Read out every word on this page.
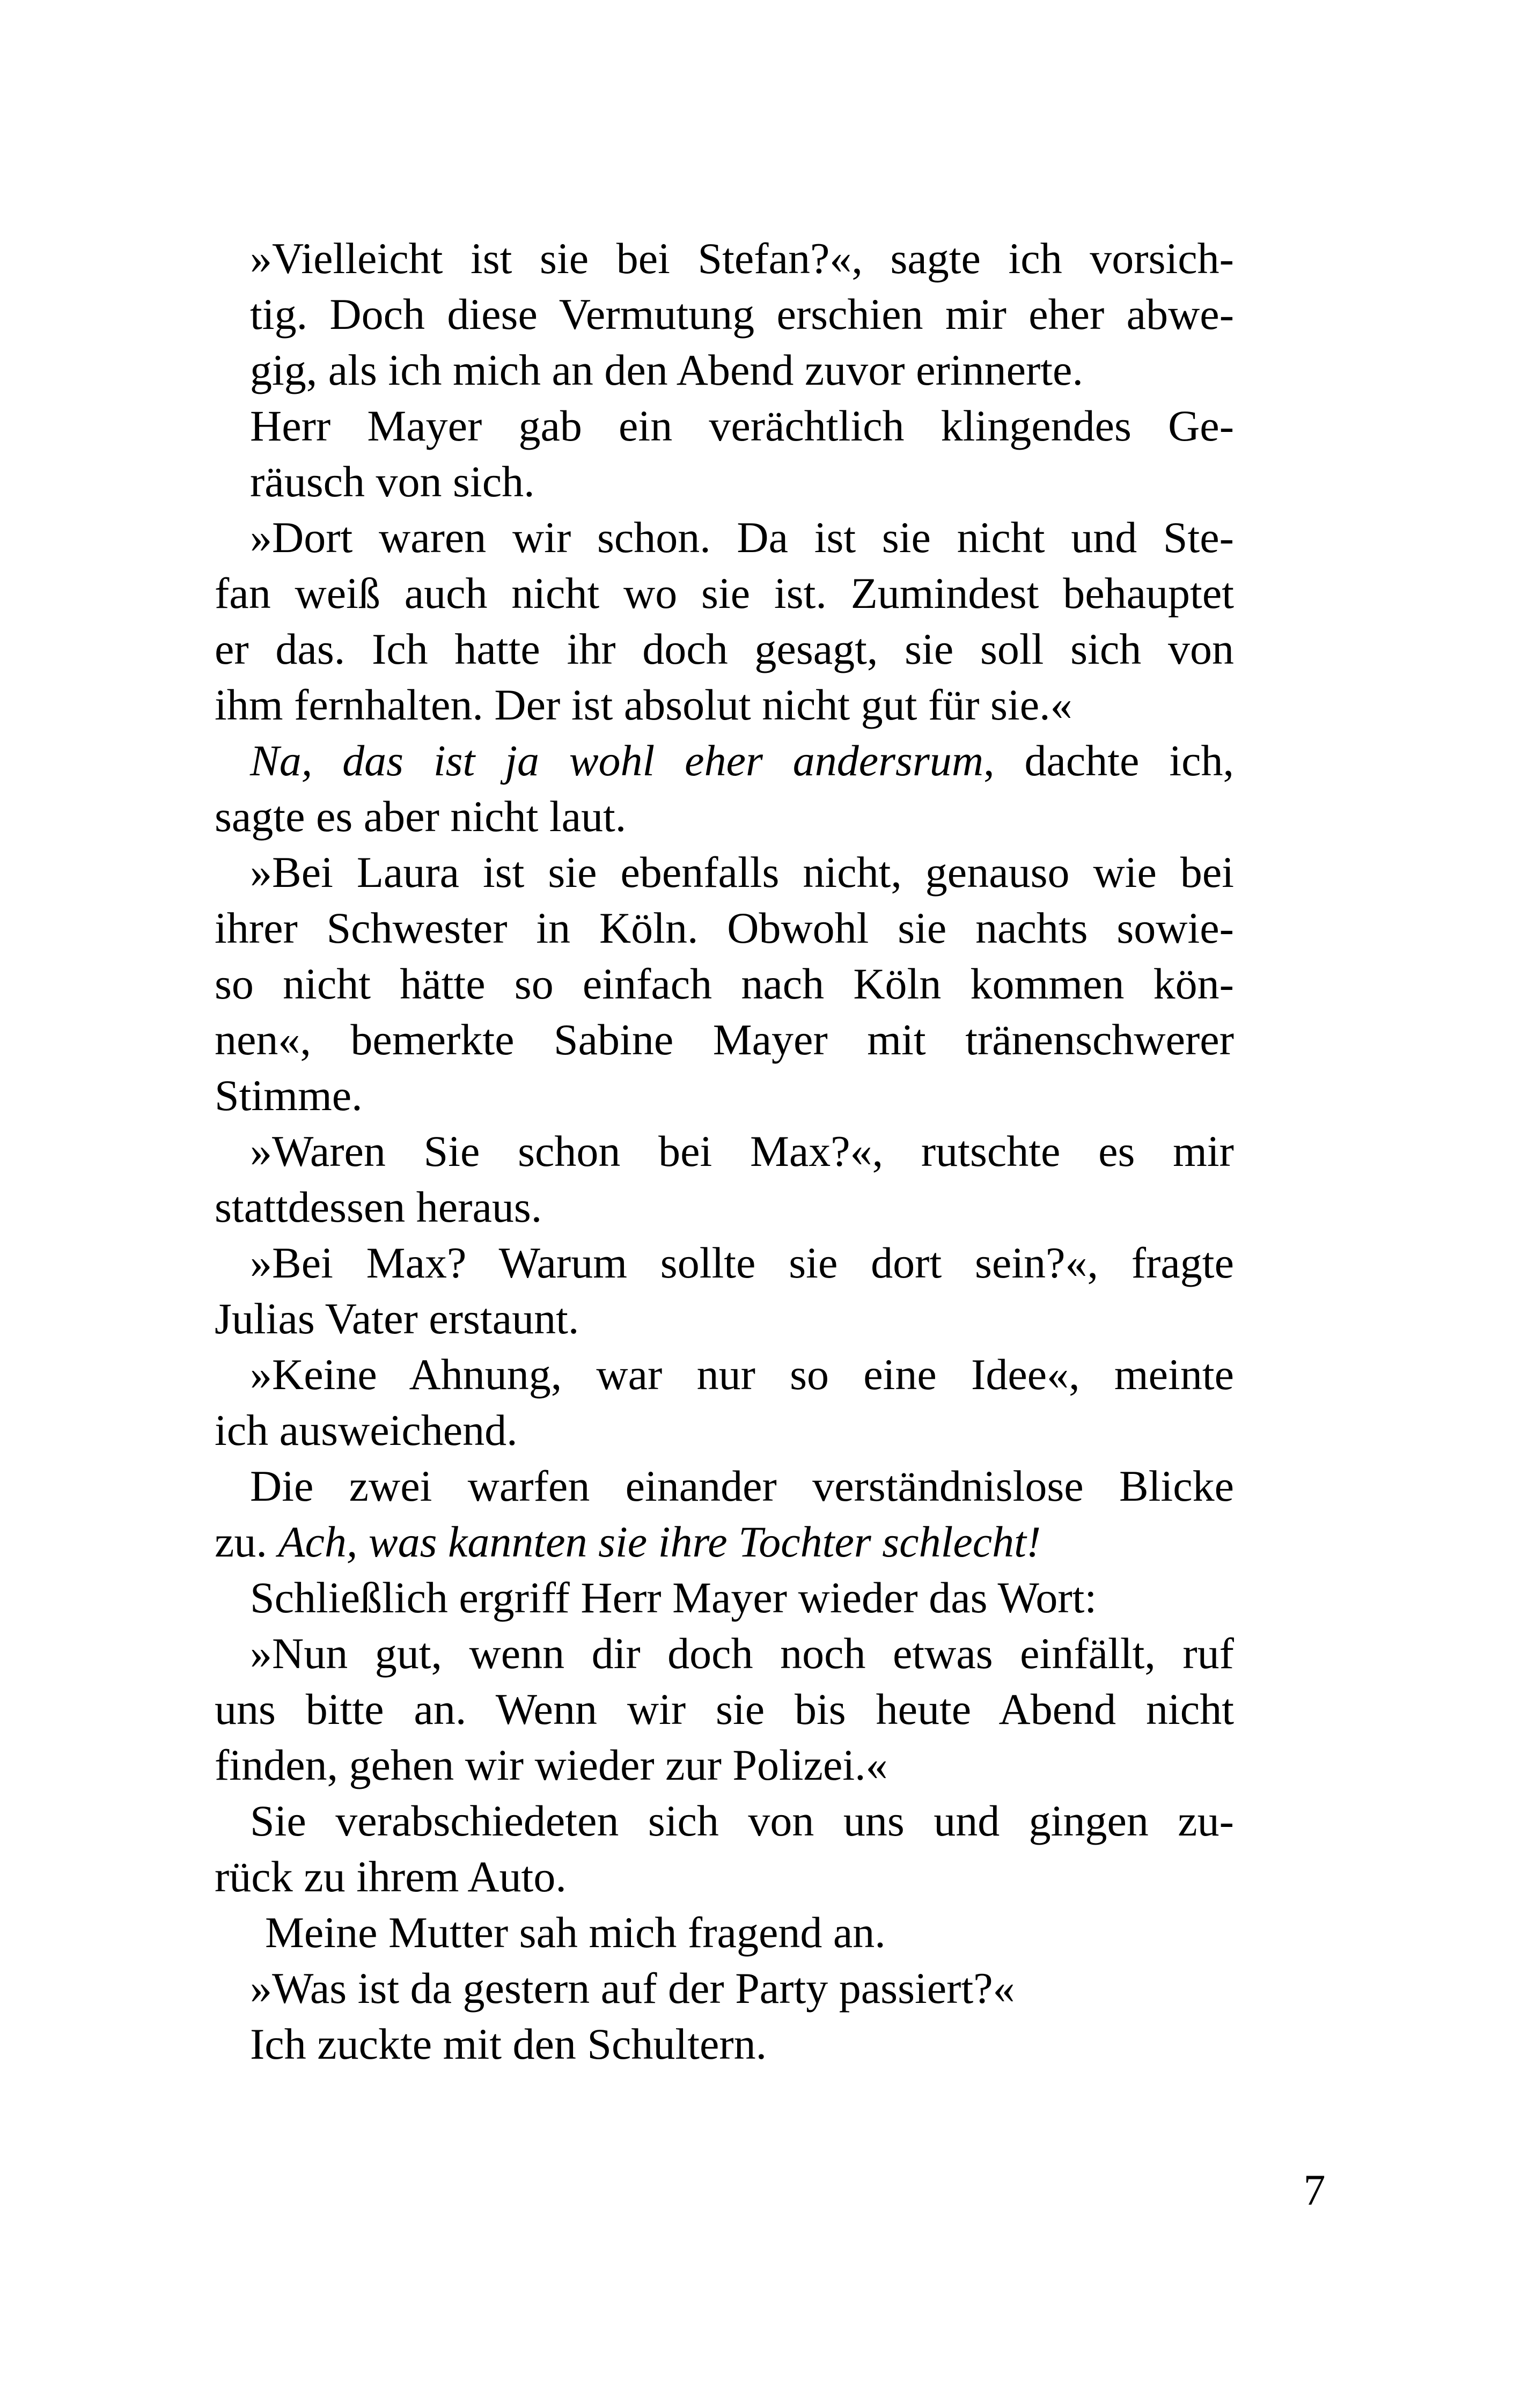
»Vielleicht ist sie bei Stefan?«, sagte ich vorsich-
tig. Doch diese Vermutung erschien mir eher abwe-
gig, als ich mich an den Abend zuvor erinnerte.
Herr Mayer gab ein verächtlich klingendes Ge-
räusch von sich.
»Dort waren wir schon. Da ist sie nicht und Ste-
fan weiß auch nicht wo sie ist. Zumindest behauptet
er das. Ich hatte ihr doch gesagt, sie soll sich von
ihm fernhalten. Der ist absolut nicht gut für sie.«
Na, das ist ja wohl eher andersrum, dachte ich,
sagte es aber nicht laut.
»Bei Laura ist sie ebenfalls nicht, genauso wie bei
ihrer Schwester in Köln. Obwohl sie nachts sowie-
so nicht hätte so einfach nach Köln kommen kön-
nen«, bemerkte Sabine Mayer mit tränenschwerer
Stimme.
»Waren Sie schon bei Max?«, rutschte es mir
stattdessen heraus.
»Bei Max? Warum sollte sie dort sein?«, fragte
Julias Vater erstaunt.
»Keine Ahnung, war nur so eine Idee«, meinte
ich ausweichend.
Die zwei warfen einander verständnislose Blicke
zu. Ach, was kannten sie ihre Tochter schlecht!
Schließlich ergriff Herr Mayer wieder das Wort:
»Nun gut, wenn dir doch noch etwas einfällt, ruf
uns bitte an. Wenn wir sie bis heute Abend nicht
finden, gehen wir wieder zur Polizei.«
Sie verabschiedeten sich von uns und gingen zu-
rück zu ihrem Auto.
Meine Mutter sah mich fragend an.
»Was ist da gestern auf der Party passiert?«
Ich zuckte mit den Schultern.
7
